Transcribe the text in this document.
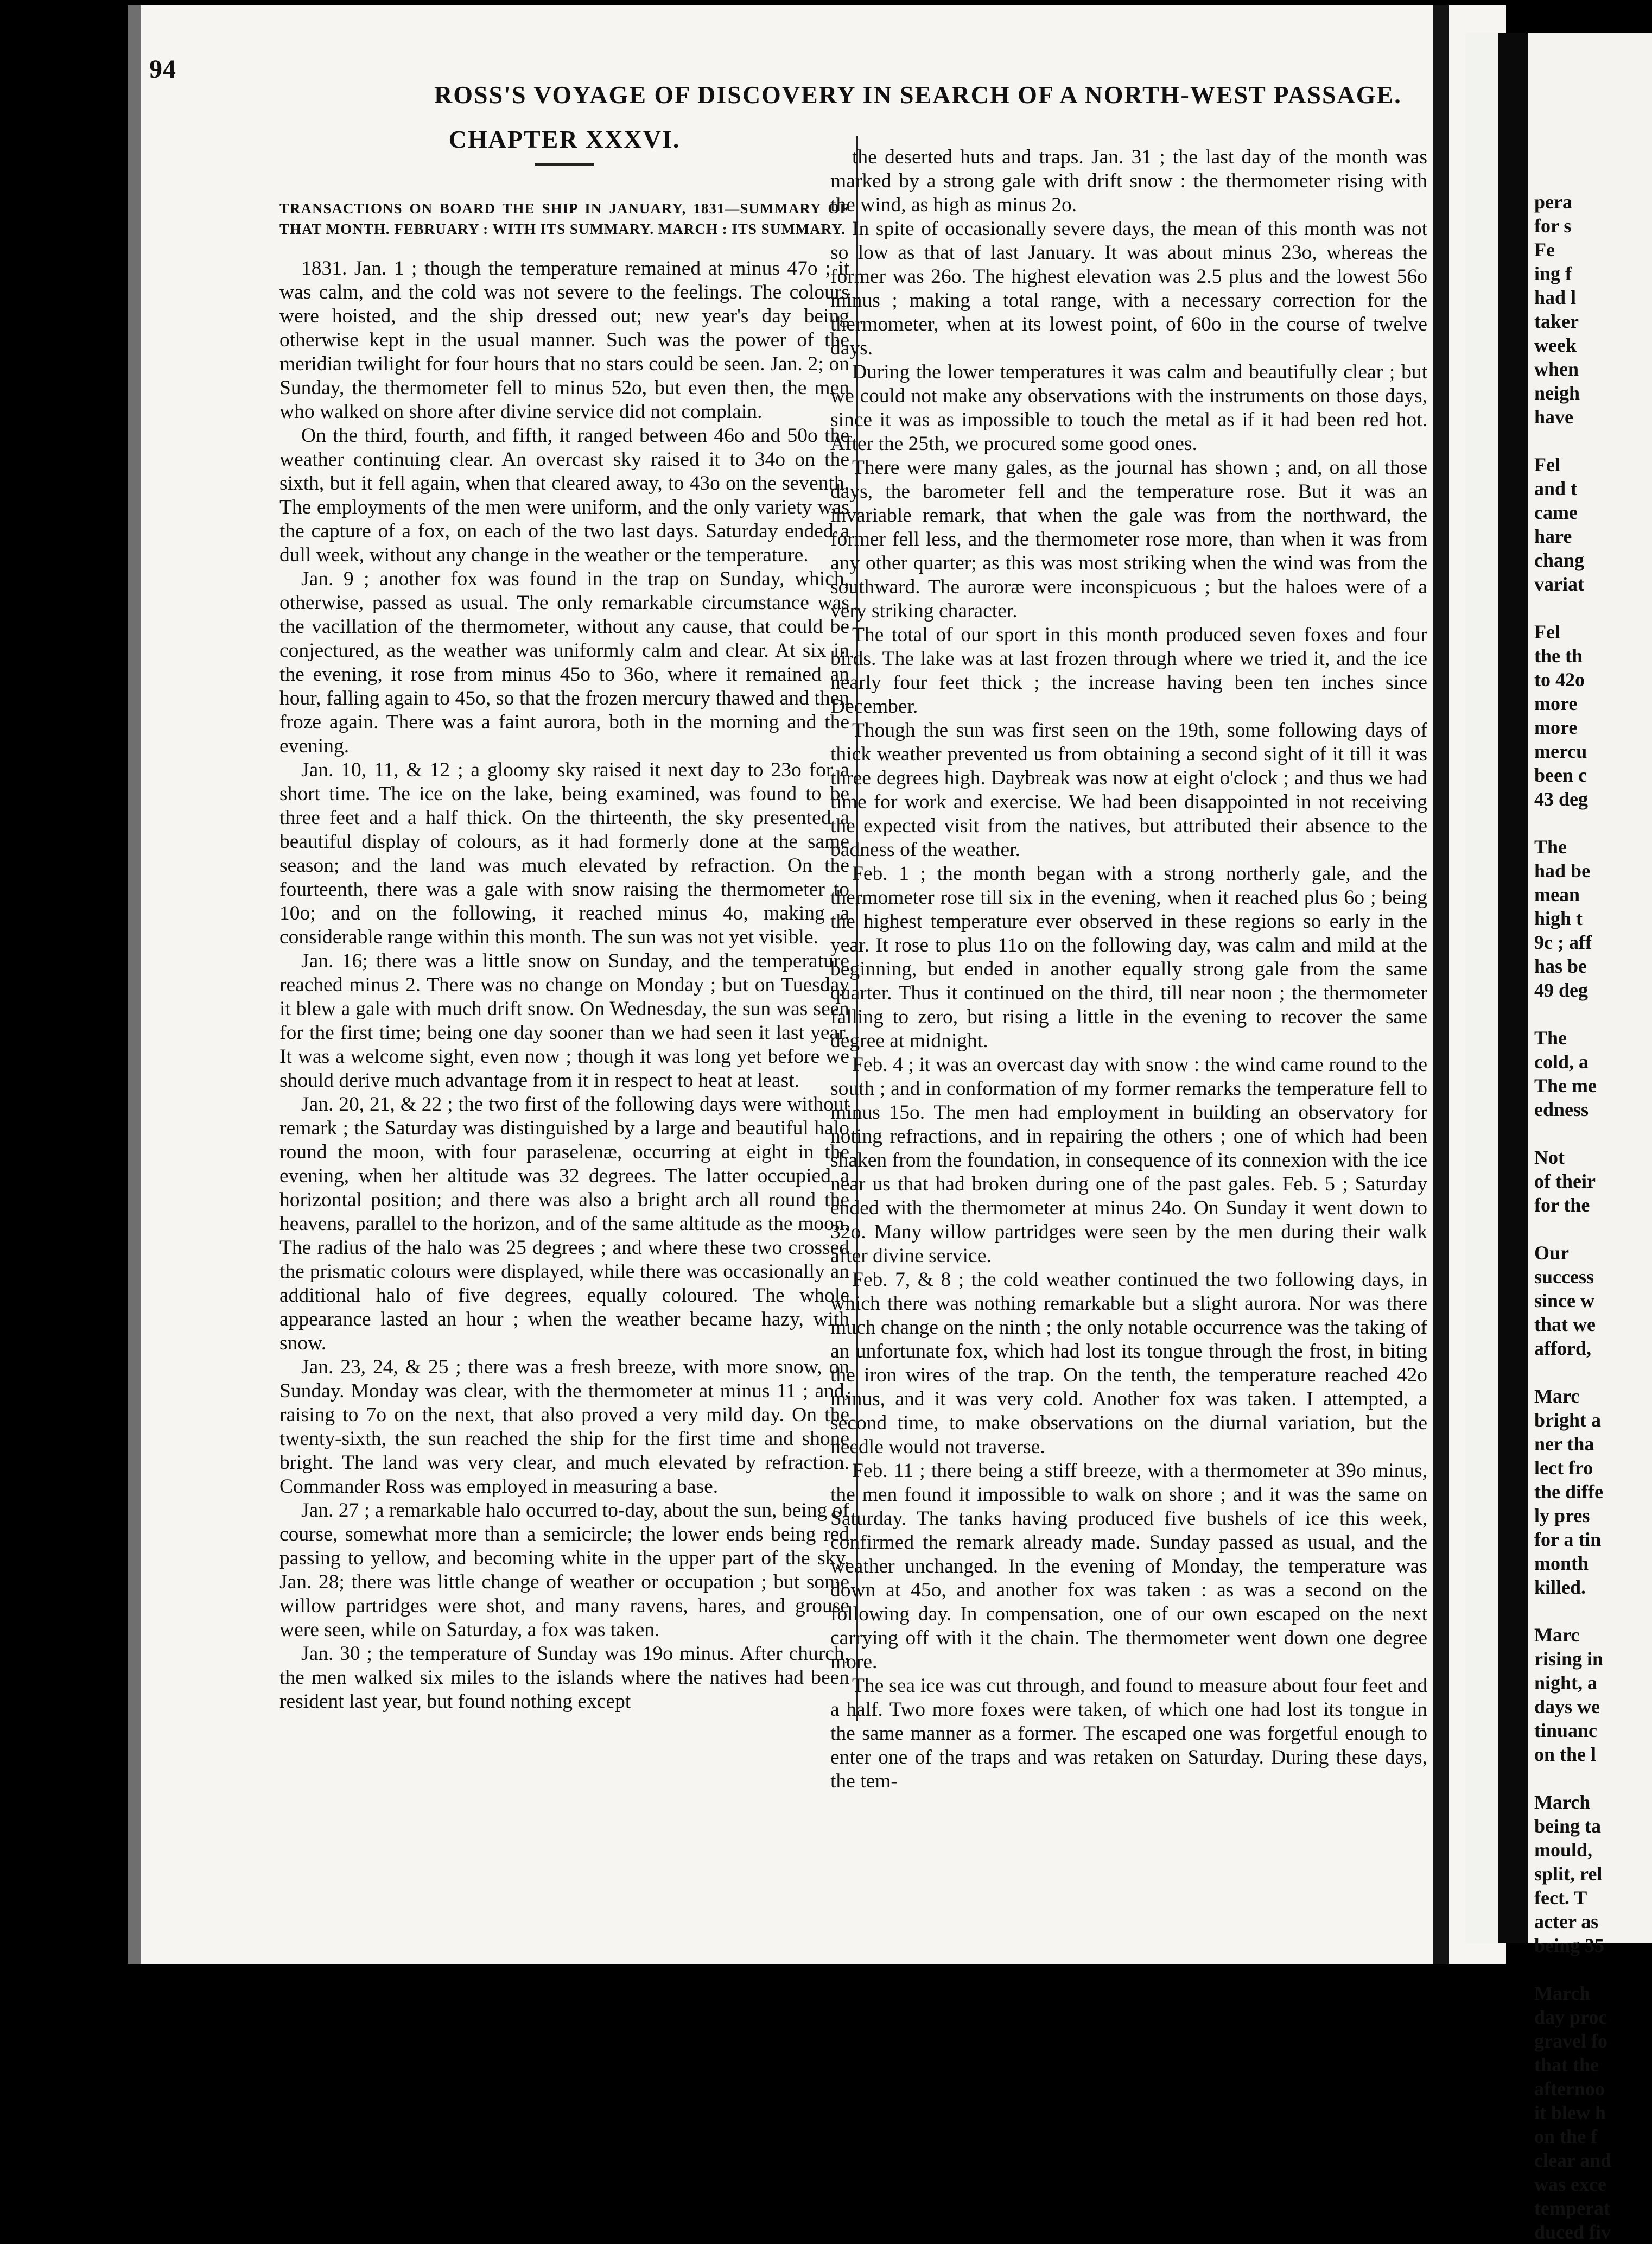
94
ROSS'S VOYAGE OF DISCOVERY IN SEARCH OF A NORTH-WEST PASSAGE.
CHAPTER XXXVI.

TRANSACTIONS ON BOARD THE SHIP IN JANUARY, 1831—SUMMARY OF THAT MONTH. FEBRUARY : WITH ITS SUMMARY. MARCH : ITS SUMMARY.

1831. Jan. 1 ; though the temperature remained at minus 47o ; it was calm, and the cold was not severe to the feelings. The colours were hoisted, and the ship dressed out; new year's day being otherwise kept in the usual manner. Such was the power of the meridian twilight for four hours that no stars could be seen. Jan. 2; on Sunday, the thermometer fell to minus 52o, but even then, the men who walked on shore after divine service did not complain.

On the third, fourth, and fifth, it ranged between 46o and 50o the weather continuing clear. An overcast sky raised it to 34o on the sixth, but it fell again, when that cleared away, to 43o on the seventh. The employments of the men were uniform, and the only variety was the capture of a fox, on each of the two last days. Saturday ended a dull week, without any change in the weather or the temperature.

Jan. 9 ; another fox was found in the trap on Sunday, which, otherwise, passed as usual. The only remarkable circumstance was the vacillation of the thermometer, without any cause, that could be conjectured, as the weather was uniformly calm and clear. At six in the evening, it rose from minus 45o to 36o, where it remained an hour, falling again to 45o, so that the frozen mercury thawed and then froze again. There was a faint aurora, both in the morning and the evening.

Jan. 10, 11, & 12 ; a gloomy sky raised it next day to 23o for a short time. The ice on the lake, being examined, was found to be three feet and a half thick. On the thirteenth, the sky presented a beautiful display of colours, as it had formerly done at the same season; and the land was much elevated by refraction. On the fourteenth, there was a gale with snow raising the thermometer to 10o; and on the following, it reached minus 4o, making a considerable range within this month. The sun was not yet visible.

Jan. 16; there was a little snow on Sunday, and the temperature reached minus 2. There was no change on Monday ; but on Tuesday it blew a gale with much drift snow. On Wednesday, the sun was seen for the first time; being one day sooner than we had seen it last year. It was a welcome sight, even now ; though it was long yet before we should derive much advantage from it in respect to heat at least.

Jan. 20, 21, & 22 ; the two first of the following days were without remark ; the Saturday was distinguished by a large and beautiful halo round the moon, with four paraselenæ, occurring at eight in the evening, when her altitude was 32 degrees. The latter occupied a horizontal position; and there was also a bright arch all round the heavens, parallel to the horizon, and of the same altitude as the moon. The radius of the halo was 25 degrees ; and where these two crossed the prismatic colours were displayed, while there was occasionally an additional halo of five degrees, equally coloured. The whole appearance lasted an hour ; when the weather became hazy, with snow.

Jan. 23, 24, & 25 ; there was a fresh breeze, with more snow, on Sunday. Monday was clear, with the thermometer at minus 11 ; and, raising to 7o on the next, that also proved a very mild day. On the twenty-sixth, the sun reached the ship for the first time and shone bright. The land was very clear, and much elevated by refraction. Commander Ross was employed in measuring a base.

Jan. 27 ; a remarkable halo occurred to-day, about the sun, being of course, somewhat more than a semicircle; the lower ends being red passing to yellow, and becoming white in the upper part of the sky. Jan. 28; there was little change of weather or occupation ; but some willow partridges were shot, and many ravens, hares, and grouse were seen, while on Saturday, a fox was taken.

Jan. 30 ; the temperature of Sunday was 19o minus. After church, the men walked six miles to the islands where the natives had been resident last year, but found nothing except

the deserted huts and traps. Jan. 31 ; the last day of the month was marked by a strong gale with drift snow : the thermometer rising with the wind, as high as minus 2o.

In spite of occasionally severe days, the mean of this month was not so low as that of last January. It was about minus 23o, whereas the former was 26o. The highest elevation was 2.5 plus and the lowest 56o minus ; making a total range, with a necessary correction for the thermometer, when at its lowest point, of 60o in the course of twelve days.

During the lower temperatures it was calm and beautifully clear ; but we could not make any observations with the instruments on those days, since it was as impossible to touch the metal as if it had been red hot. After the 25th, we procured some good ones.

There were many gales, as the journal has shown ; and, on all those days, the barometer fell and the temperature rose. But it was an invariable remark, that when the gale was from the northward, the former fell less, and the thermometer rose more, than when it was from any other quarter; as this was most striking when the wind was from the southward. The auroræ were inconspicuous ; but the haloes were of a very striking character.

The total of our sport in this month produced seven foxes and four birds. The lake was at last frozen through where we tried it, and the ice nearly four feet thick ; the increase having been ten inches since December.

Though the sun was first seen on the 19th, some following days of thick weather prevented us from obtaining a second sight of it till it was three degrees high. Daybreak was now at eight o'clock ; and thus we had time for work and exercise. We had been disappointed in not receiving the expected visit from the natives, but attributed their absence to the badness of the weather.

Feb. 1 ; the month began with a strong northerly gale, and the thermometer rose till six in the evening, when it reached plus 6o ; being the highest temperature ever observed in these regions so early in the year. It rose to plus 11o on the following day, was calm and mild at the beginning, but ended in another equally strong gale from the same quarter. Thus it continued on the third, till near noon ; the thermometer falling to zero, but rising a little in the evening to recover the same degree at midnight.

Feb. 4 ; it was an overcast day with snow : the wind came round to the south ; and in conformation of my former remarks the temperature fell to minus 15o. The men had employment in building an observatory for noting refractions, and in repairing the others ; one of which had been shaken from the foundation, in consequence of its connexion with the ice near us that had broken during one of the past gales. Feb. 5 ; Saturday ended with the thermometer at minus 24o. On Sunday it went down to 32o. Many willow partridges were seen by the men during their walk after divine service.

Feb. 7, & 8 ; the cold weather continued the two following days, in which there was nothing remarkable but a slight aurora. Nor was there much change on the ninth ; the only notable occurrence was the taking of an unfortunate fox, which had lost its tongue through the frost, in biting the iron wires of the trap. On the tenth, the temperature reached 42o minus, and it was very cold. Another fox was taken. I attempted, a second time, to make observations on the diurnal variation, but the needle would not traverse.

Feb. 11 ; there being a stiff breeze, with a thermometer at 39o minus, the men found it impossible to walk on shore ; and it was the same on Saturday. The tanks having produced five bushels of ice this week, confirmed the remark already made. Sunday passed as usual, and the weather unchanged. In the evening of Monday, the temperature was down at 45o, and another fox was taken : as was a second on the following day. In compensation, one of our own escaped on the next carrying off with it the chain. The thermometer went down one degree more.

The sea ice was cut through, and found to measure about four feet and a half. Two more foxes were taken, of which one had lost its tongue in the same manner as a former. The escaped one was forgetful enough to enter one of the traps and was retaken on Saturday. During these days, the tem-

pera
for s
Fe
ing f
had l
taker
week
when
neigh
have
Fel
and t
came
hare
chang
variat
Fel
the th
to 42o
more
more
mercu
been c
43 deg
The
had be
mean
high t
9c ; aff
has be
49 deg
The
cold, a
The me
edness
Not
of their
for the
Our
success
since w
that we
afford,
Marc
bright a
ner tha
lect fro
the diffe
ly pres
for a tin
month
killed.
Marc
rising in
night, a
days we
tinuanc
on the l
March
being ta
mould,
split, rel
fect. T
acter as
being 35
March
day proc
gravel fo
that the
afternoo
it blew h
on the f
clear and
was exce
temperat
duced fiv
